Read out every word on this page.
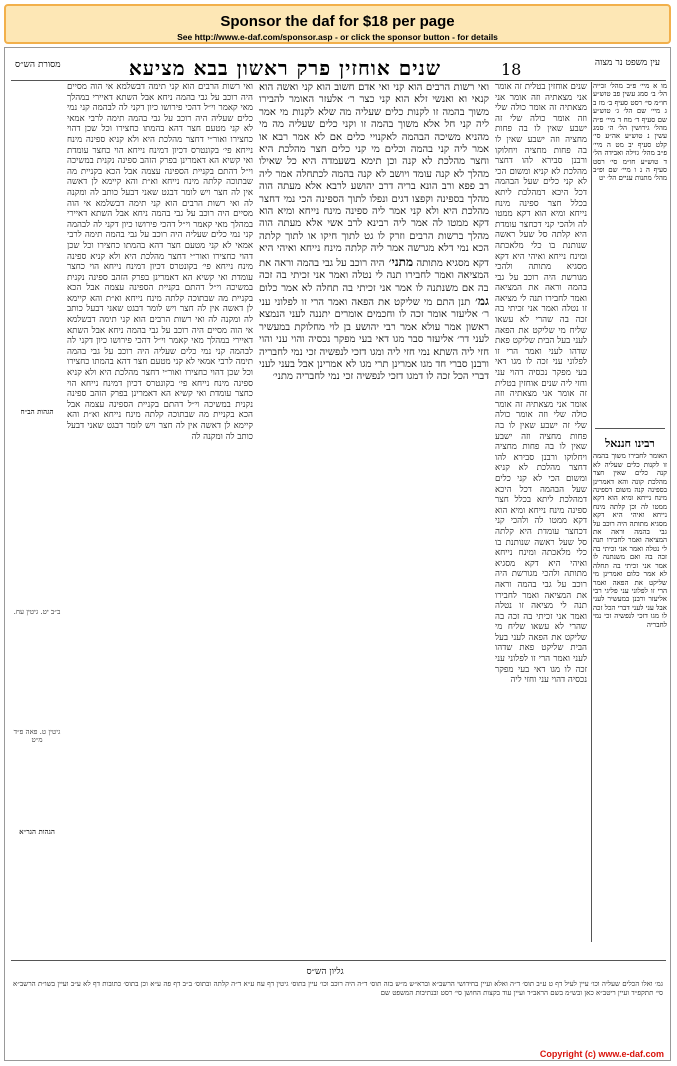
Sponsor the daf for $18 per page
See http://www.e-daf.com/sponsor.asp - or click the sponsor button - for details
מסורת הש״ס	שנים אוחזין פרק ראשון בבא מציעא	18	עין משפט נר מצוה
ב״ב יט. גיטין עח.
הגהות הב״ח
גיטין ט. פאה פ״ד מ״ט
הגהות הגר״א
ואי רשות הרבים הוא קני תימה דבשלמא אי הוה מסיים היה רוכב על גבי בהמה ניחא אבל השתא דאיירי במהלך מאי קאמר וי״ל דהכי פירושו כיון דקני לה לבהמה קני נמי כלים שעליה היה רוכב על גבי בהמה תימה לרבי אמאי לא קני מטעם חצר דהא בהמתו כחצירו וכל שכן דהוי כחצירו ואור״י דחצר מהלכת היא ולא קניא ספינה מינח נייחא פי׳ בקונטרס דכיון דמינח נייחא הוי כחצר עומדת ואי קשיא הא דאמרינן בפרק הזהב ספינה נקנית במשיכה וי״ל דהתם בקניית הספינה עצמה אבל הכא בקניית מה שבתוכה קלתה מינח נייחא וא״ת והא קיימא לן דאשה אין לה חצר ויש לומר דבגט שאני דבעל כותב לה ומקנה לה ואי רשות הרבים הוא קני תימה דבשלמא אי הוה מסיים היה רוכב על גבי בהמה ניחא אבל השתא דאיירי במהלך מאי קאמר וי״ל דהכי פירושו כיון דקני לה לבהמה קני נמי כלים שעליה היה רוכב על גבי בהמה תימה לרבי אמאי לא קני מטעם חצר דהא בהמתו כחצירו וכל שכן דהוי כחצירו ואור״י דחצר מהלכת היא ולא קניא ספינה מינח נייחא פי׳ בקונטרס דכיון דמינח נייחא הוי כחצר עומדת ואי קשיא הא דאמרינן בפרק הזהב ספינה נקנית במשיכה וי״ל דהתם בקניית הספינה עצמה אבל הכא בקניית מה שבתוכה קלתה מינח נייחא וא״ת והא קיימא לן דאשה אין לה חצר ויש לומר דבגט שאני דבעל כותב לה ומקנה לה ואי רשות הרבים הוא קני תימה דבשלמא אי הוה מסיים היה רוכב על גבי בהמה ניחא אבל השתא דאיירי במהלך מאי קאמר וי״ל דהכי פירושו כיון דקני לה לבהמה קני נמי כלים שעליה היה רוכב על גבי בהמה תימה לרבי אמאי לא קני מטעם חצר דהא בהמתו כחצירו וכל שכן דהוי כחצירו ואור״י דחצר מהלכת היא ולא קניא ספינה מינח נייחא פי׳ בקונטרס דכיון דמינח נייחא הוי כחצר עומדת ואי קשיא הא דאמרינן בפרק הזהב ספינה נקנית במשיכה וי״ל דהתם בקניית הספינה עצמה אבל הכא בקניית מה שבתוכה קלתה מינח נייחא וא״ת והא קיימא לן דאשה אין לה חצר ויש לומר דבגט שאני דבעל כותב לה ומקנה לה
ואי רשות הרבים הוא קני ואי אדם חשוב הוא קני ואשה הוא קנאי וא ואנשי זלא הוא קני כצר ר׳ אלעזר האומר להבירו משוך בהמה זו לקנות כלים שעליה מה שלא לקנות מי אמר ליה קני חל אלא משוך בהמה זו וקני כלים שעליה מה מי מהניא משיכה הבהמה לאקנויי כלים אם לא אמר רבא או אמר ליה קני בהמה וכלים מי קני כלים חצר מהלכת היא וחצר מהלכת לא קנה וכן תימא בשעמדה היא כל שאילו מהלך לא קנה עומד ויושב לא קנה בהמה לכתחלה אמר ליה רב פפא ורב הונא בריה דרב יהושע לרבא אלא מעתה הוה מהלך בספינה וקפצו דגים ונפלו לתוך הספינה הכי נמי דחצר מהלכת היא ולא קני אמר ליה ספינה מינח נייחא ומיא הוא דקא ממטו לה אמר ליה רבינא לרב אשי אלא מעתה הוה מהלך ברשות הרבים וזרק לו גט לתוך חיקו או לתוך קלתה הכא נמי דלא מגרשה אמר ליה קלתה מינח נייחא ואיהי היא דקא מסגיא מתותה מתני׳ היה רוכב על גבי בהמה וראה את המציאה ואמר לחבירו תנה לי נטלה ואמר אני זכיתי בה זכה בה אם משנתנה לו אמר אני זכיתי בה תחלה לא אמר כלום גמ׳ תנן התם מי שליקט את הפאה ואמר הרי זו לפלוני עני ר׳ אליעזר אומר זכה לו וחכמים אומרים יתננה לעני הנמצא ראשון אמר עולא אמר רבי יהושע בן לוי מחלוקת במעשיר לעני דר׳ אליעזר סבר מגו דאי בעי מפקר נכסיה והוי עני והוי חזי ליה השתא נמי חזי ליה ומגו דזכי לנפשיה זכי נמי לחבריה ורבנן סברי חד מגו אמרינן תרי מגו לא אמרינן אבל בעני לעני דברי הכל זכה לו דמגו דזכי לנפשיה זכי נמי לחבריה מתני׳
שנים אוחזין בטלית זה אומר אני מצאתיה וזה אומר אני מצאתיה זה אומר כולה שלי וזה אומר כולה שלי זה ישבע שאין לו בה פחות מחציה וזה ישבע שאין לו בה פחות מחציה ויחלוקו ורבנן סבירא להו דחצר מהלכת לא קניא ומשום הכי לא קני כלים שעל הבהמה דכל היכא דמהלכת ליתא בכלל חצר ספינה מינח נייחא ומיא הוא דקא ממטו לה ולהכי קני דכחצר עומדת היא קלתה סל שעל ראשה שנותנת בו כלי מלאכתה ומינח נייחא ואיהי היא דקא מסגיא מתותה ולהכי מגורשת היה רוכב על גבי בהמה וראה את המציאה ואמר לחבירו תנה לי מציאה זו נטלה ואמר אני זכיתי בה זכה בה שהרי לא עשאו שליח מי שליקט את הפאה לעני בעל הבית שליקט פאת שדהו לעני ואמר הרי זו לפלוני עני זכה לו מגו דאי בעי מפקר נכסיה דהוי עני וחזי ליה שנים אוחזין בטלית זה אומר אני מצאתיה וזה אומר אני מצאתיה זה אומר כולה שלי וזה אומר כולה שלי זה ישבע שאין לו בה פחות מחציה וזה ישבע שאין לו בה פחות מחציה ויחלוקו ורבנן סבירא להו דחצר מהלכת לא קניא ומשום הכי לא קני כלים שעל הבהמה דכל היכא דמהלכת ליתא בכלל חצר ספינה מינח נייחא ומיא הוא דקא ממטו לה ולהכי קני דכחצר עומדת היא קלתה סל שעל ראשה שנותנת בו כלי מלאכתה ומינח נייחא ואיהי היא דקא מסגיא מתותה ולהכי מגורשת היה רוכב על גבי בהמה וראה את המציאה ואמר לחבירו תנה לי מציאה זו נטלה ואמר אני זכיתי בה זכה בה שהרי לא עשאו שליח מי שליקט את הפאה לעני בעל הבית שליקט פאת שדהו לעני ואמר הרי זו לפלוני עני זכה לו מגו דאי בעי מפקר נכסיה דהוי עני וחזי ליה
מו א מיי׳ פ״ב מהל׳ זכייה הל׳ ב׳ סמג עשין פב טוש״ע חו״מ סי׳ רסט סעיף ב׳ מז ב ג מיי׳ שם הל׳ ג׳ טוש״ע שם סעיף ד׳ מח ד מיי׳ פ״ה מהל׳ גירושין הל׳ ה׳ סמג עשין נ טוש״ע אה״ע סי׳ קלט סעיף יב מט ה מיי׳ פ״ב מהל׳ גזילה ואבידה הל׳ ד טוש״ע חו״מ סי׳ רסט סעיף ה נ ו מיי׳ שם ופ״ב מהל׳ מתנות עניים הל׳ יט
רבינו חננאל
האומר לחבירו משוך בהמה זו לקנות כלים שעליה לא קנה כלים שאין חצר מהלכת קונה והא דאמרינן בספינה קנה משום דספינה מינח נייחא ומיא הוא דקא ממטו לה וכן קלתה מינח נייחא ואיהי היא דקא מסגיא מתותה היה רוכב על גבי בהמה וראה את המציאה ואמר לחבירו תנה לי נטלה ואמר אני זכיתי בה זכה בה ואם משנתנה לו אמר אני זכיתי בה תחלה לא אמר כלום ואמרינן מי שליקט את הפאה ואמר הרי זו לפלוני עני פליגי רבי אליעזר ורבנן במעשיר לעני אבל עני לעני דברי הכל זכה לו מגו דזכי לנפשיה זכי נמי לחבריה
גליון הש״ס
גמ׳ ואלו הכלים שעליה וכו׳ עיין לעיל דף ט ע״ב תוס׳ ד״ה ואלא ועיין בחידושי הרשב״א וברא״ש מ״ש בזה תוס׳ ד״ה היה רוכב וכו׳ עיין בתוס׳ גיטין דף עח ע״א ד״ה קלתה ובתוס׳ ב״ב דף פה ע״א וכן בתוס׳ כתובות דף לא ע״ב ועיין בשו״ת הרשב״א סי׳ תתקפ״ד ועיין ריטב״א כאן ובש״מ בשם הראב״ד ועיין עוד בקצות החושן סי׳ רסט ובנתיבות המשפט שם
Copyright (c) www.e-daf.com
